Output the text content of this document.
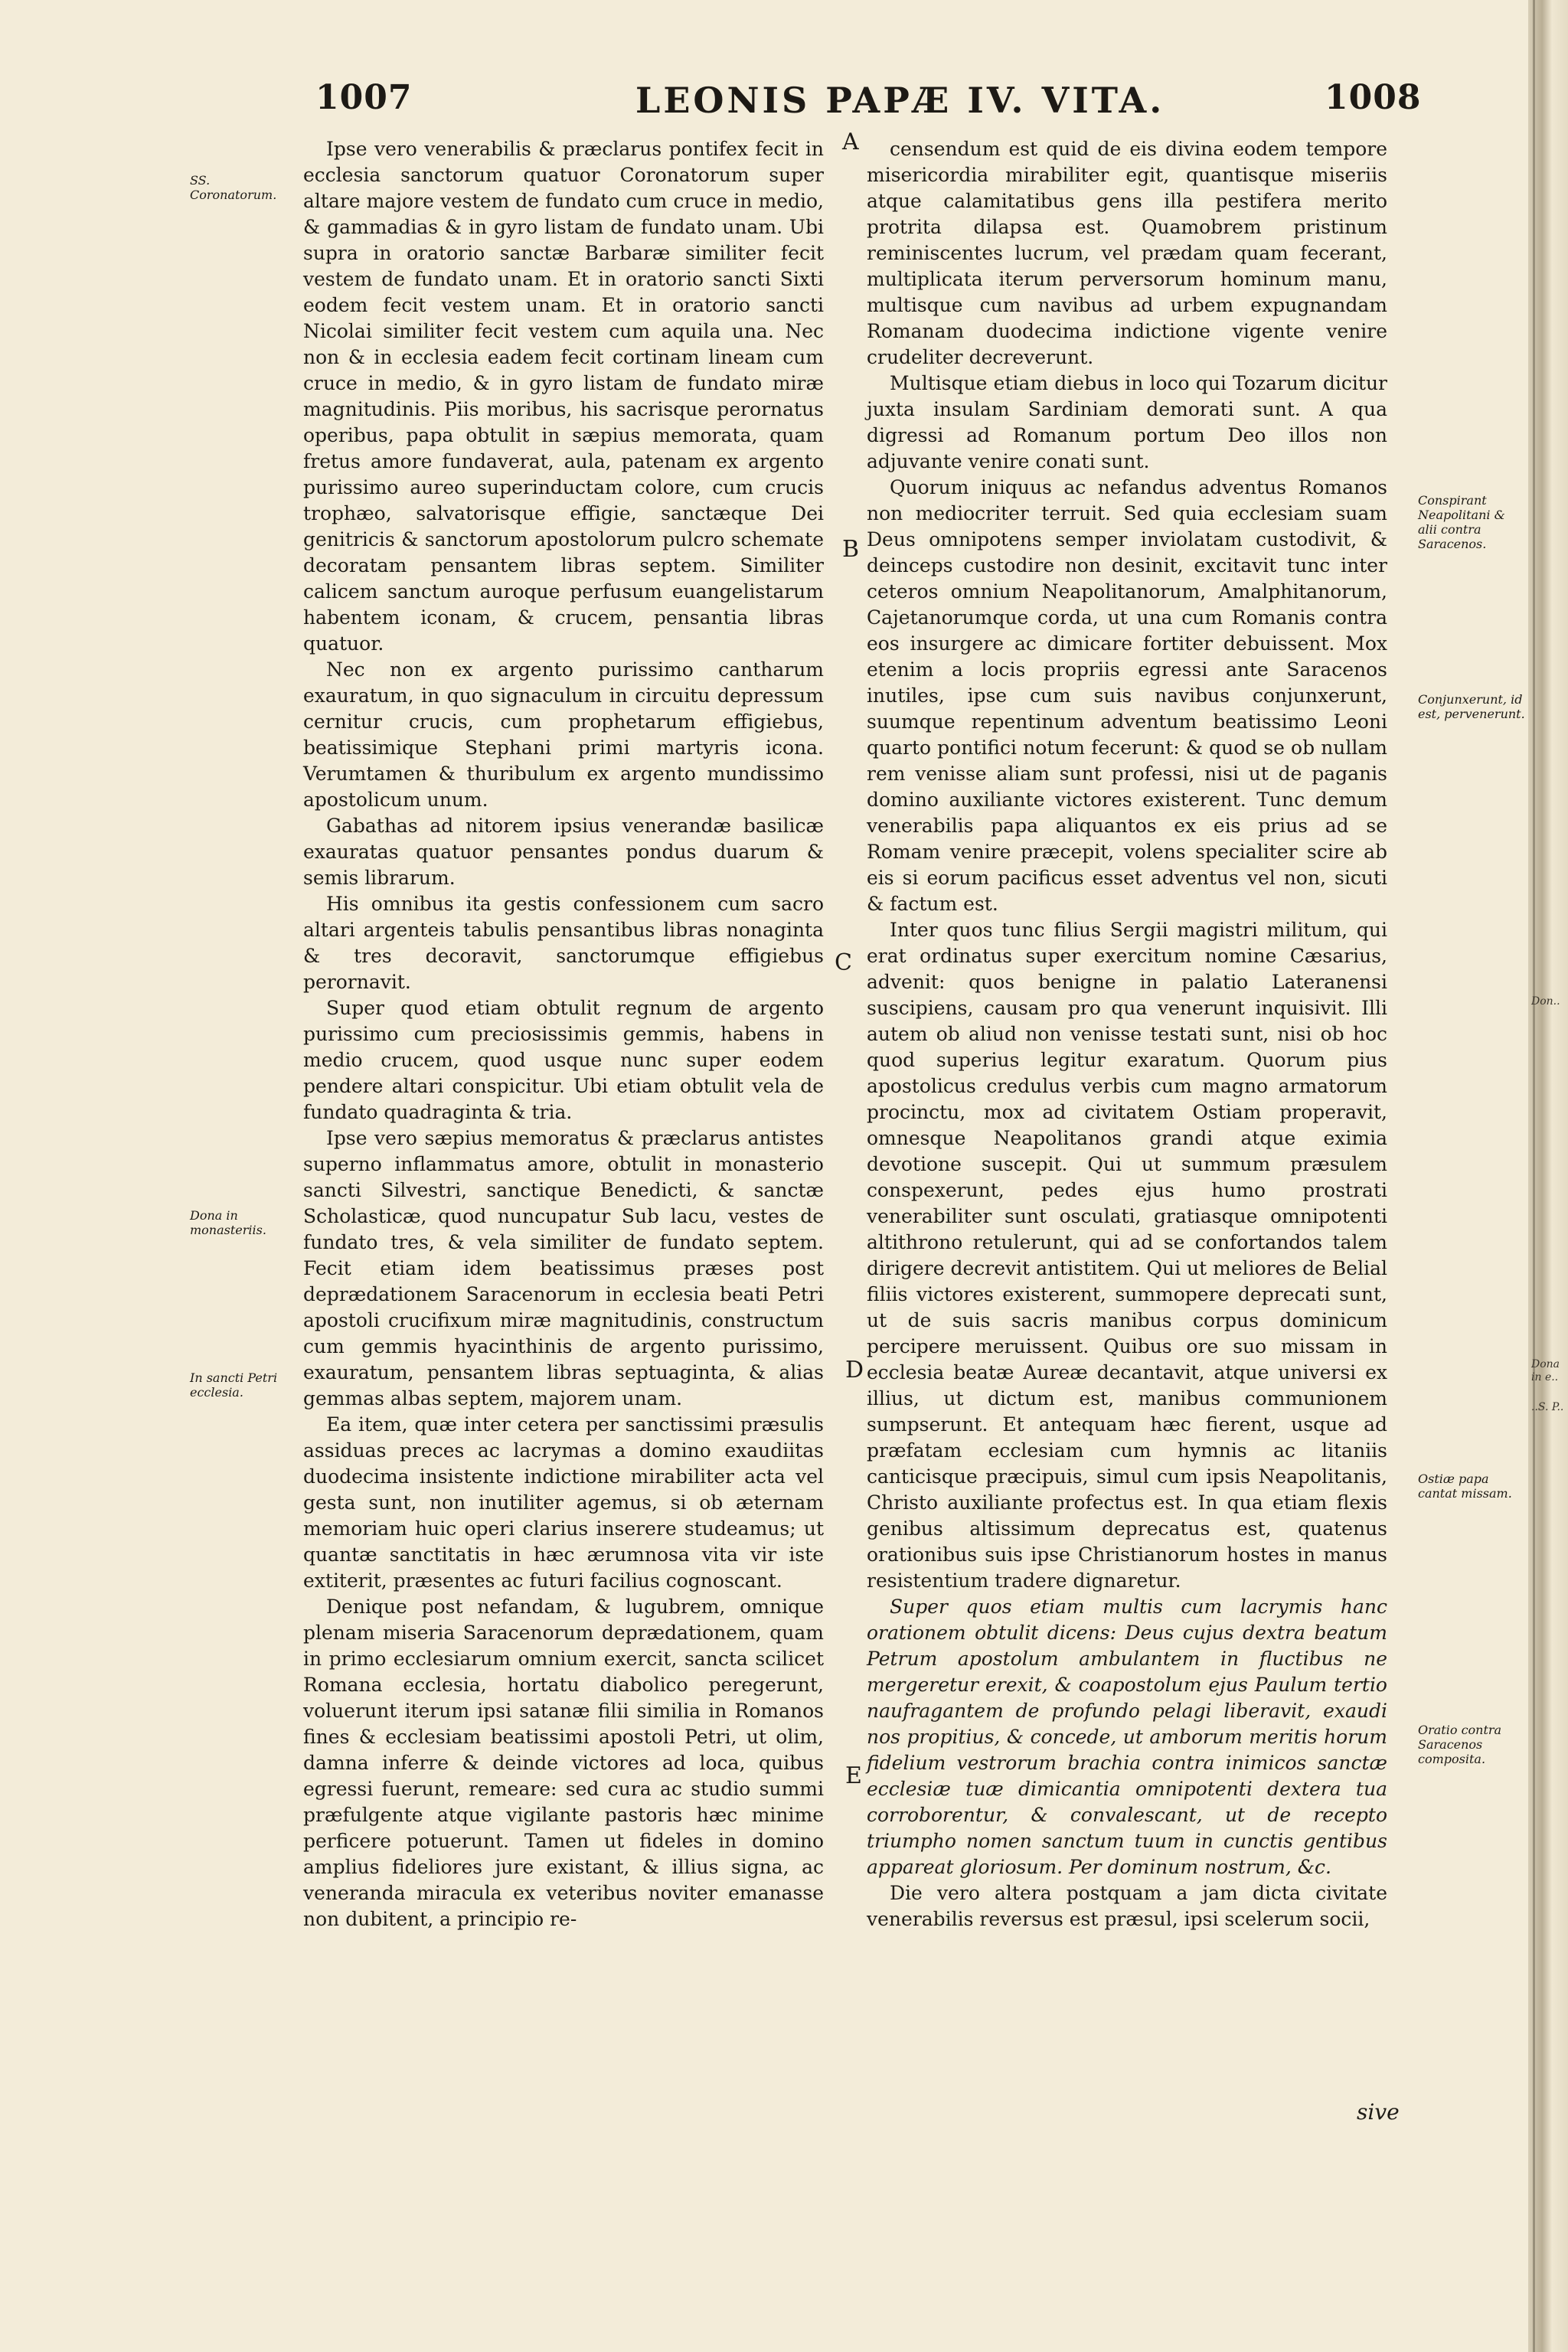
1007	LEONIS PAPÆ IV. VITA.	1008
SS. Coronatorum.
Dona in monasteriis.
In sancti Petri ecclesia.
A
B
C
D
E

Ipse vero venerabilis & præclarus pontifex fecit in ecclesia sanctorum quatuor Coronatorum super altare majore vestem de fundato cum cruce in medio, & gammadias & in gyro listam de fundato unam. Ubi supra in oratorio sanctæ Barbaræ similiter fecit vestem de fundato unam. Et in oratorio sancti Sixti eodem fecit vestem unam. Et in oratorio sancti Nicolai similiter fecit vestem cum aquila una. Nec non & in ecclesia eadem fecit cortinam lineam cum cruce in medio, & in gyro listam de fundato miræ magnitudinis. Piis moribus, his sacrisque perornatus operibus, papa obtulit in sæpius memorata, quam fretus amore fundaverat, aula, patenam ex argento purissimo aureo superinductam colore, cum crucis trophæo, salvatorisque effigie, sanctæque Dei genitricis & sanctorum apostolorum pulcro schemate decoratam pensantem libras septem. Similiter calicem sanctum auroque perfusum euangelistarum habentem iconam, & crucem, pensantia libras quatuor.

Nec non ex argento purissimo cantharum exauratum, in quo signaculum in circuitu depressum cernitur crucis, cum prophetarum effigiebus, beatissimique Stephani primi martyris icona. Verumtamen & thuribulum ex argento mundissimo apostolicum unum.

Gabathas ad nitorem ipsius venerandæ basilicæ exauratas quatuor pensantes pondus duarum & semis librarum.

His omnibus ita gestis confessionem cum sacro altari argenteis tabulis pensantibus libras nonaginta & tres decoravit, sanctorumque effigiebus perornavit.

Super quod etiam obtulit regnum de argento purissimo cum preciosissimis gemmis, habens in medio crucem, quod usque nunc super eodem pendere altari conspicitur. Ubi etiam obtulit vela de fundato quadraginta & tria.

Ipse vero sæpius memoratus & præclarus antistes superno inflammatus amore, obtulit in monasterio sancti Silvestri, sanctique Benedicti, & sanctæ Scholasticæ, quod nuncupatur Sub lacu, vestes de fundato tres, & vela similiter de fundato septem. Fecit etiam idem beatissimus præses post deprædationem Saracenorum in ecclesia beati Petri apostoli crucifixum miræ magnitudinis, constructum cum gemmis hyacinthinis de argento purissimo, exauratum, pensantem libras septuaginta, & alias gemmas albas septem, majorem unam.

Ea item, quæ inter cetera per sanctissimi præsulis assiduas preces ac lacrymas a domino exaudiitas duodecima insistente indictione mirabiliter acta vel gesta sunt, non inutiliter agemus, si ob æternam memoriam huic operi clarius inserere studeamus; ut quantæ sanctitatis in hæc ærumnosa vita vir iste extiterit, præsentes ac futuri facilius cognoscant.

Denique post nefandam, & lugubrem, omnique plenam miseria Saracenorum deprædationem, quam in primo ecclesiarum omnium exercit, sancta scilicet Romana ecclesia, hortatu diabolico peregerunt, voluerunt iterum ipsi satanæ filii similia in Romanos fines & ecclesiam beatissimi apostoli Petri, ut olim, damna inferre & deinde victores ad loca, quibus egressi fuerunt, remeare: sed cura ac studio summi præfulgente atque vigilante pastoris hæc minime perficere potuerunt. Tamen ut fideles in domino amplius fideliores jure existant, & illius signa, ac veneranda miracula ex veteribus noviter emanasse non dubitent, a principio re-

censendum est quid de eis divina eodem tempore misericordia mirabiliter egit, quantisque miseriis atque calamitatibus gens illa pestifera merito protrita dilapsa est. Quamobrem pristinum reminiscentes lucrum, vel prædam quam fecerant, multiplicata iterum perversorum hominum manu, multisque cum navibus ad urbem expugnandam Romanam duodecima indictione vigente venire crudeliter decreverunt.

Multisque etiam diebus in loco qui Tozarum dicitur juxta insulam Sardiniam demorati sunt. A qua digressi ad Romanum portum Deo illos non adjuvante venire conati sunt.

Quorum iniquus ac nefandus adventus Romanos non mediocriter terruit. Sed quia ecclesiam suam Deus omnipotens semper inviolatam custodivit, & deinceps custodire non desinit, excitavit tunc inter ceteros omnium Neapolitanorum, Amalphitanorum, Cajetanorumque corda, ut una cum Romanis contra eos insurgere ac dimicare fortiter debuissent. Mox etenim a locis propriis egressi ante Saracenos inutiles, ipse cum suis navibus conjunxerunt, suumque repentinum adventum beatissimo Leoni quarto pontifici notum fecerunt: & quod se ob nullam rem venisse aliam sunt professi, nisi ut de paganis domino auxiliante victores existerent. Tunc demum venerabilis papa aliquantos ex eis prius ad se Romam venire præcepit, volens specialiter scire ab eis si eorum pacificus esset adventus vel non, sicuti & factum est.

Inter quos tunc filius Sergii magistri militum, qui erat ordinatus super exercitum nomine Cæsarius, advenit: quos benigne in palatio Lateranensi suscipiens, causam pro qua venerunt inquisivit. Illi autem ob aliud non venisse testati sunt, nisi ob hoc quod superius legitur exaratum. Quorum pius apostolicus credulus verbis cum magno armatorum procinctu, mox ad civitatem Ostiam properavit, omnesque Neapolitanos grandi atque eximia devotione suscepit. Qui ut summum præsulem conspexerunt, pedes ejus humo prostrati venerabiliter sunt osculati, gratiasque omnipotenti altithrono retulerunt, qui ad se confortandos talem dirigere decrevit antistitem. Qui ut meliores de Belial filiis victores existerent, summopere deprecati sunt, ut de suis sacris manibus corpus dominicum percipere meruissent. Quibus ore suo missam in ecclesia beatæ Aureæ decantavit, atque universi ex illius, ut dictum est, manibus communionem sumpserunt. Et antequam hæc fierent, usque ad præfatam ecclesiam cum hymnis ac litaniis canticisque præcipuis, simul cum ipsis Neapolitanis, Christo auxiliante profectus est. In qua etiam flexis genibus altissimum deprecatus est, quatenus orationibus suis ipse Christianorum hostes in manus resistentium tradere dignaretur.

Super quos etiam multis cum lacrymis hanc orationem obtulit dicens: Deus cujus dextra beatum Petrum apostolum ambulantem in fluctibus ne mergeretur erexit, & coapostolum ejus Paulum tertio naufragantem de profundo pelagi liberavit, exaudi nos propitius, & concede, ut amborum meritis horum fidelium vestrorum brachia contra inimicos sanctæ ecclesiæ tuæ dimicantia omnipotenti dextera tua corroborentur, & convalescant, ut de recepto triumpho nomen sanctum tuum in cunctis gentibus appareat gloriosum. Per dominum nostrum, &c.

Die vero altera postquam a jam dicta civitate venerabilis reversus est præsul, ipsi scelerum socii,

Conspirant Neapolitani & alii contra Saracenos.
Conjunxerunt, id est, pervenerunt.
Ostiæ papa cantat missam.
Oratio contra Saracenos composita.
Don..
Dona in e..
..S. P..
sive
